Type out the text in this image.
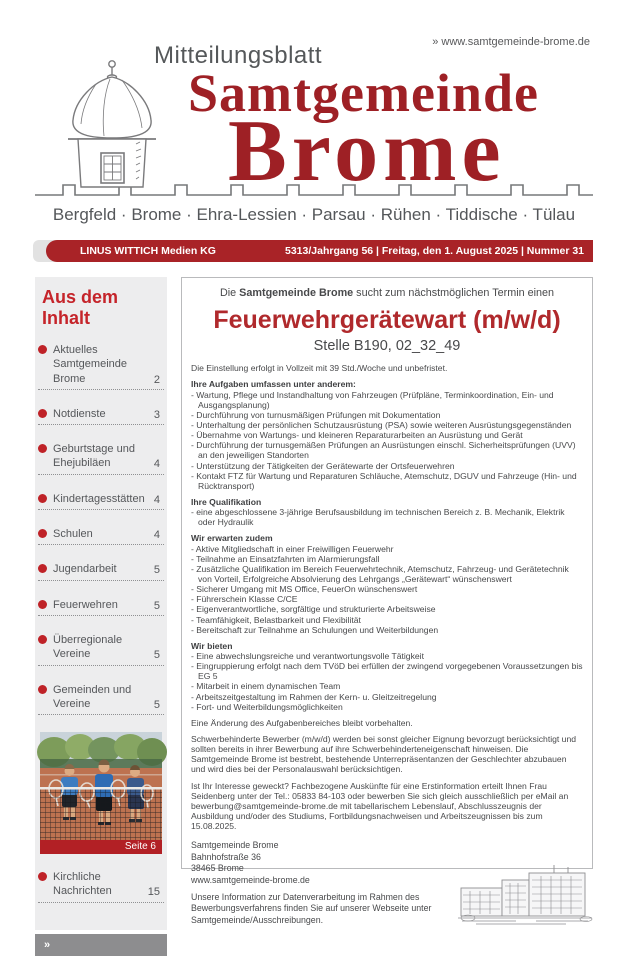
» www.samtgemeinde-brome.de
Mitteilungsblatt
Samtgemeinde
Brome
Bergfeld · Brome · Ehra-Lessien · Parsau · Rühen · Tiddische · Tülau
LINUS WITTICH Medien KG	5313/Jahrgang 56 | Freitag, den 1. August 2025 | Nummer 31
Aus dem Inhalt
Aktuelles Samtgemeinde Brome	2
Notdienste	3
Geburtstage und Ehejubiläen	4
Kindertagesstätten 4
Schulen	4
Jugendarbeit	5
Feuerwehren	5
Überregionale Vereine	5
Gemeinden und Vereine	5
Seite 6
Kirchliche Nachrichten	15
» epaper.wittich.de/5313

Die Samtgemeinde Brome sucht zum nächstmöglichen Termin einen

Feuerwehrgerätewart (m/w/d)
Stelle B190, 02_32_49

Die Einstellung erfolgt in Vollzeit mit 39 Std./Woche und unbefristet.

Ihre Aufgaben umfassen unter anderem:
- Wartung, Pflege und Instandhaltung von Fahrzeugen (Prüfpläne, Terminkoordination, Ein- und Ausgangsplanung)
- Durchführung von turnusmäßigen Prüfungen mit Dokumentation
- Unterhaltung der persönlichen Schutzausrüstung (PSA) sowie weiteren Ausrüstungsgegenständen
- Übernahme von Wartungs- und kleineren Reparaturarbeiten an Ausrüstung und Gerät
- Durchführung der turnusgemäßen Prüfungen an Ausrüstungen einschl. Sicherheitsprüfungen (UVV) an den jeweiligen Standorten
- Unterstützung der Tätigkeiten der Gerätewarte der Ortsfeuerwehren
- Kontakt FTZ für Wartung und Reparaturen Schläuche, Atemschutz, DGUV und Fahrzeuge (Hin- und Rücktransport)
Ihre Qualifikation
- eine abgeschlossene 3-jährige Berufsausbildung im technischen Bereich z. B. Mechanik, Elektrik oder Hydraulik
Wir erwarten zudem
- Aktive Mitgliedschaft in einer Freiwilligen Feuerwehr
- Teilnahme an Einsatzfahrten im Alarmierungsfall
- Zusätzliche Qualifikation im Bereich Feuerwehrtechnik, Atemschutz, Fahrzeug- und Gerätetechnik von Vorteil, Erfolgreiche Absolvierung des Lehrgangs „Gerätewart“ wünschenswert
- Sicherer Umgang mit MS Office, FeuerOn wünschenswert
- Führerschein Klasse C/CE
- Eigenverantwortliche, sorgfältige und strukturierte Arbeitsweise
- Teamfähigkeit, Belastbarkeit und Flexibilität
- Bereitschaft zur Teilnahme an Schulungen und Weiterbildungen
Wir bieten
- Eine abwechslungsreiche und verantwortungsvolle Tätigkeit
- Eingruppierung erfolgt nach dem TVöD bei erfüllen der zwingend vorgegebenen Voraussetzungen bis EG 5
- Mitarbeit in einem dynamischen Team
- Arbeitszeitgestaltung im Rahmen der Kern- u. Gleitzeitregelung
- Fort- und Weiterbildungsmöglichkeiten

Eine Änderung des Aufgabenbereiches bleibt vorbehalten.

Schwerbehinderte Bewerber (m/w/d) werden bei sonst gleicher Eignung bevorzugt berücksichtigt und sollten bereits in ihrer Bewerbung auf ihre Schwerbehinderteneigenschaft hinweisen. Die Samtgemeinde Brome ist bestrebt, bestehende Unterrepräsentanzen der Geschlechter abzubauen und wird dies bei der Personalauswahl berücksichtigen.

Ist Ihr Interesse geweckt? Fachbezogene Auskünfte für eine Erstinformation erteilt Ihnen Frau Seidenberg unter der Tel.: 05833 84-103 oder bewerben Sie sich gleich ausschließlich per eMail an bewerbung@samtgemeinde-brome.de mit tabellarischem Lebenslauf, Abschlusszeugnis der Ausbildung und/oder des Studiums, Fortbildungsnachweisen und Arbeitszeugnissen bis zum 15.08.2025.

Samtgemeinde Brome
Bahnhofstraße 36
38465 Brome
www.samtgemeinde-brome.de

Unsere Information zur Datenverarbeitung im Rahmen des Bewerbungsverfahrens finden Sie auf unserer Webseite unter Samtgemeinde/Ausschreibungen.
